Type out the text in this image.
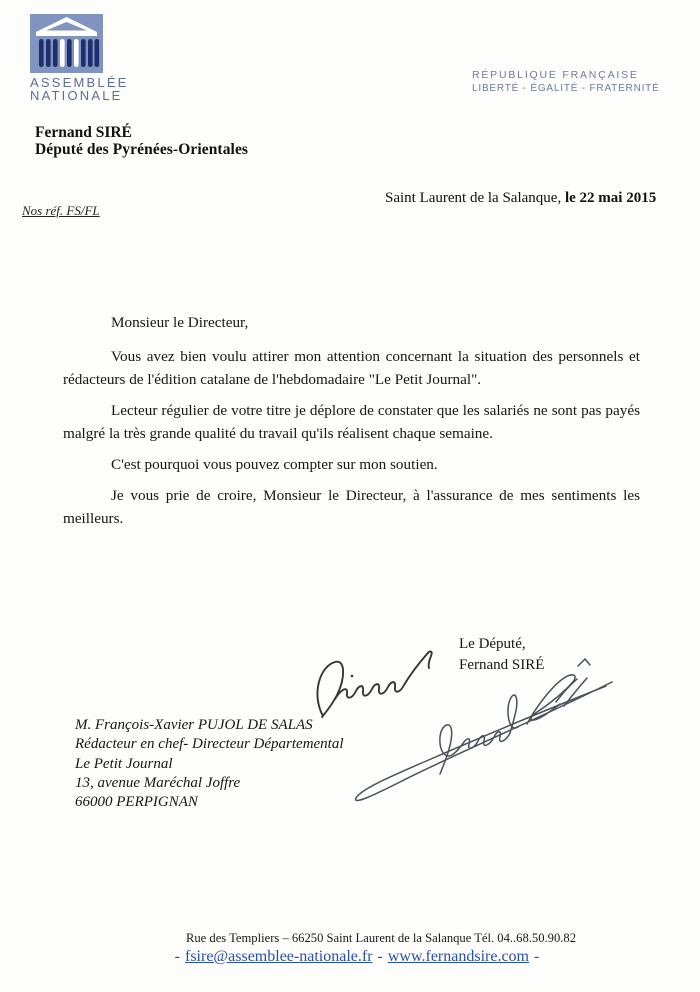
ASSEMBLÉE
NATIONALE
RÉPUBLIQUE FRANÇAISE
LIBERTÉ - ÉGALITÉ - FRATERNITÉ
Fernand SIRÉ
Député des Pyrénées-Orientales
Saint Laurent de la Salanque, le 22 mai 2015
Nos réf. FS/FL

Monsieur le Directeur,

Vous avez bien voulu attirer mon attention concernant la situation des personnels et rédacteurs de l'édition catalane de l'hebdomadaire "Le Petit Journal".

Lecteur régulier de votre titre je déplore de constater que les salariés ne sont pas payés malgré la très grande qualité du travail qu'ils réalisent chaque semaine.

C'est pourquoi vous pouvez compter sur mon soutien.

Je vous prie de croire, Monsieur le Directeur, à l'assurance de mes sentiments les meilleurs.

Le Député,
Fernand SIRÉ
M. François-Xavier PUJOL DE SALAS
Rédacteur en chef- Directeur Départemental
Le Petit Journal
13, avenue Maréchal Joffre
66000 PERPIGNAN
Rue des Templiers – 66250 Saint Laurent de la Salanque Tél. 04..68.50.90.82
- fsire@assemblee-nationale.fr - www.fernandsire.com -
